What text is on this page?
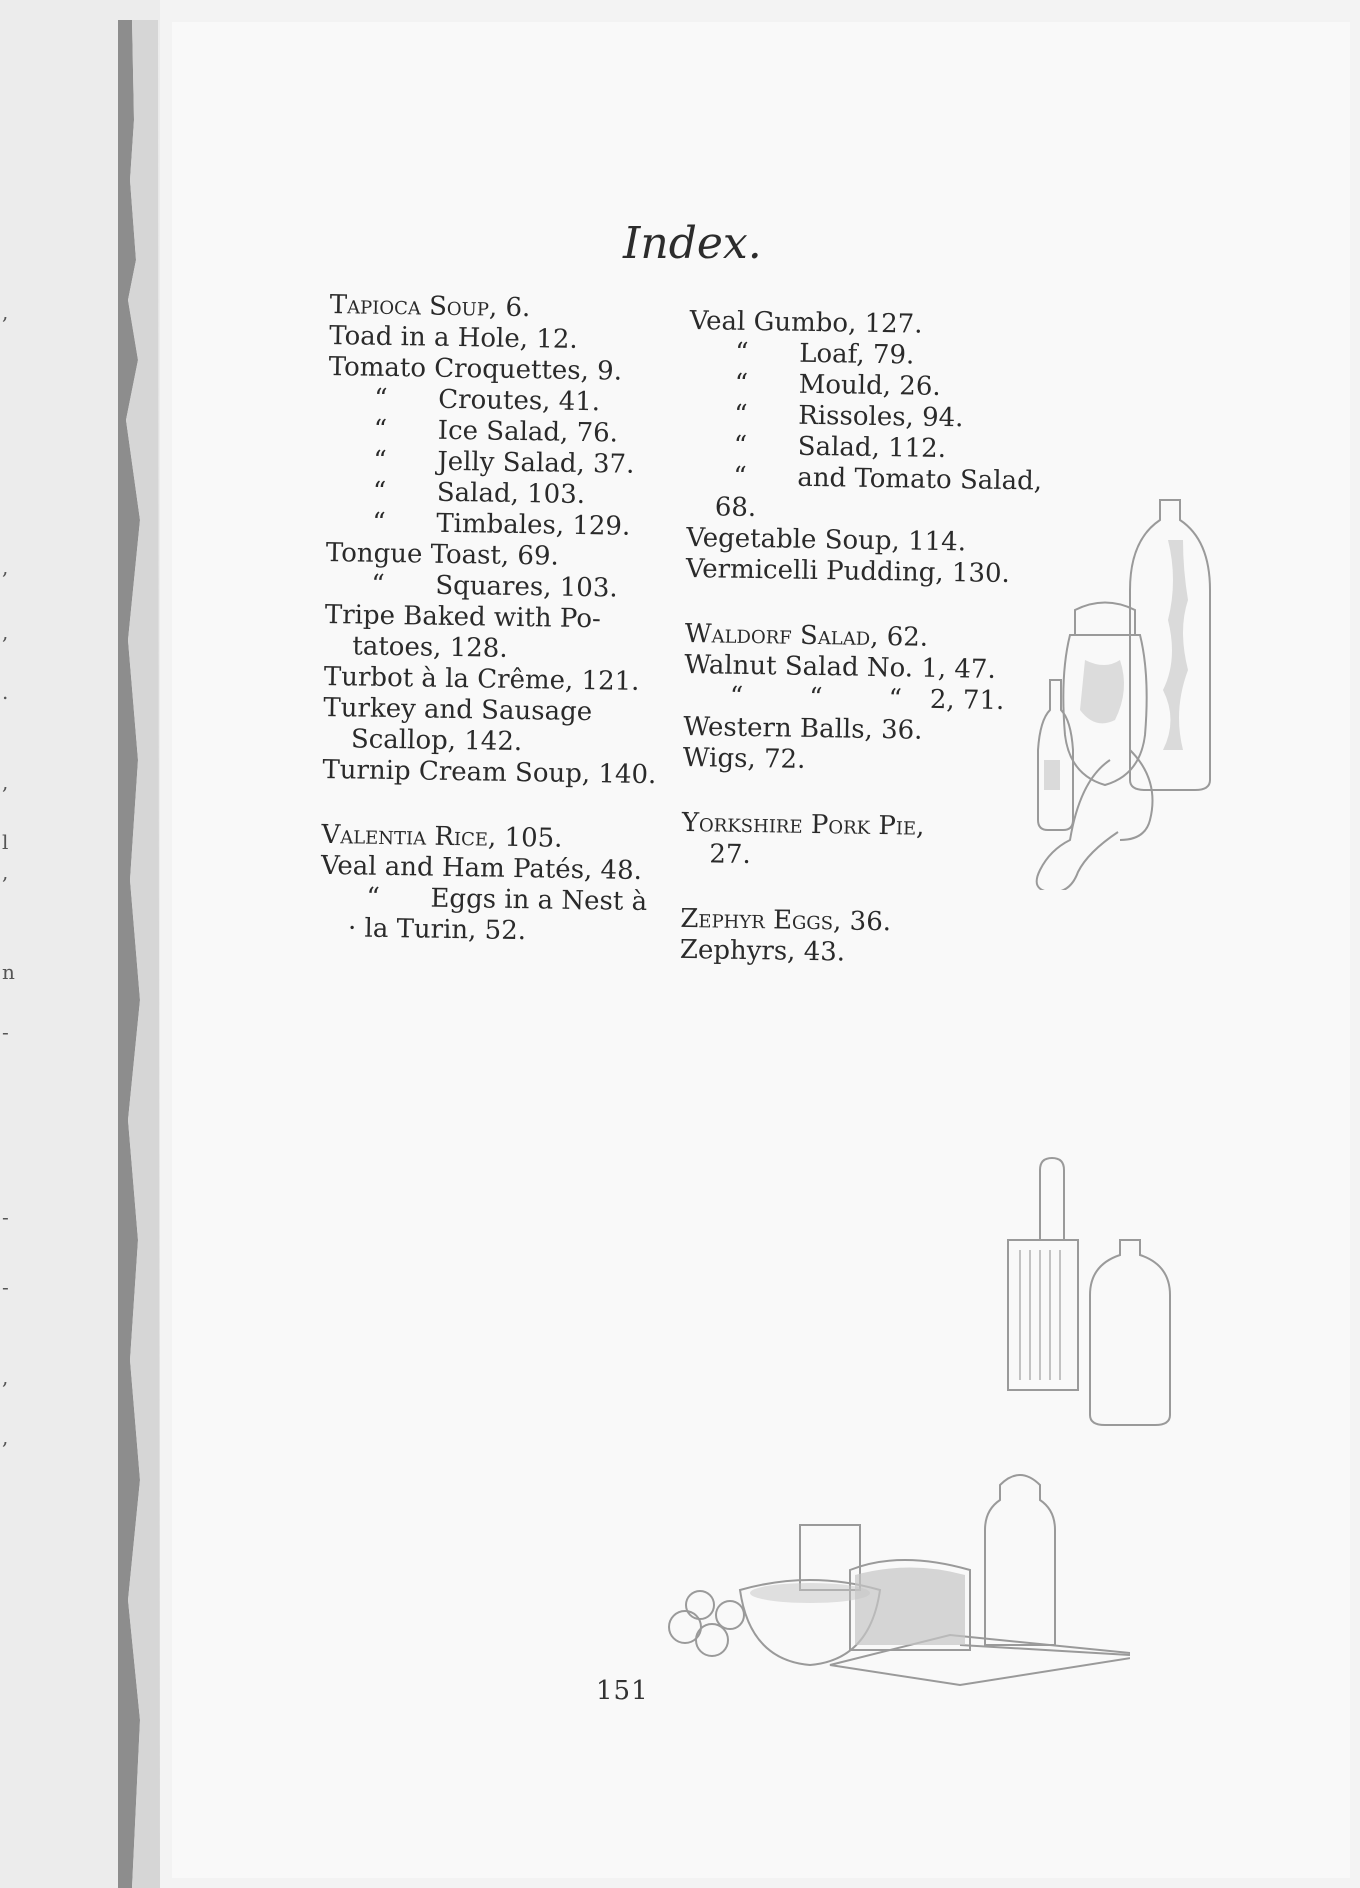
,
,
,
.
,
l
,
n
-
-
-
,
,
Index.
Tapioca Soup, 6.
Toad in a Hole, 12.
Tomato Croquettes, 9.
“ Croutes, 41.
“ Ice Salad, 76.
“ Jelly Salad, 37.
“ Salad, 103.
“ Timbales, 129.
Tongue Toast, 69.
“ Squares, 103.
Tripe Baked with Po-
tatoes, 128.
Turbot à la Crême, 121.
Turkey and Sausage
Scallop, 142.
Turnip Cream Soup, 140.
Valentia Rice, 105.
Veal and Ham Patés, 48.
“ Eggs in a Nest à
· la Turin, 52.
Veal Gumbo, 127.
“ Loaf, 79.
“ Mould, 26.
“ Rissoles, 94.
“ Salad, 112.
“ and Tomato Salad,
68.
Vegetable Soup, 114.
Vermicelli Pudding, 130.
Waldorf Salad, 62.
Walnut Salad No. 1, 47.
“        “        “ 2, 71.
Western Balls, 36.
Wigs, 72.
Yorkshire Pork Pie,
27.
Zephyr Eggs, 36.
Zephyrs, 43.
151
